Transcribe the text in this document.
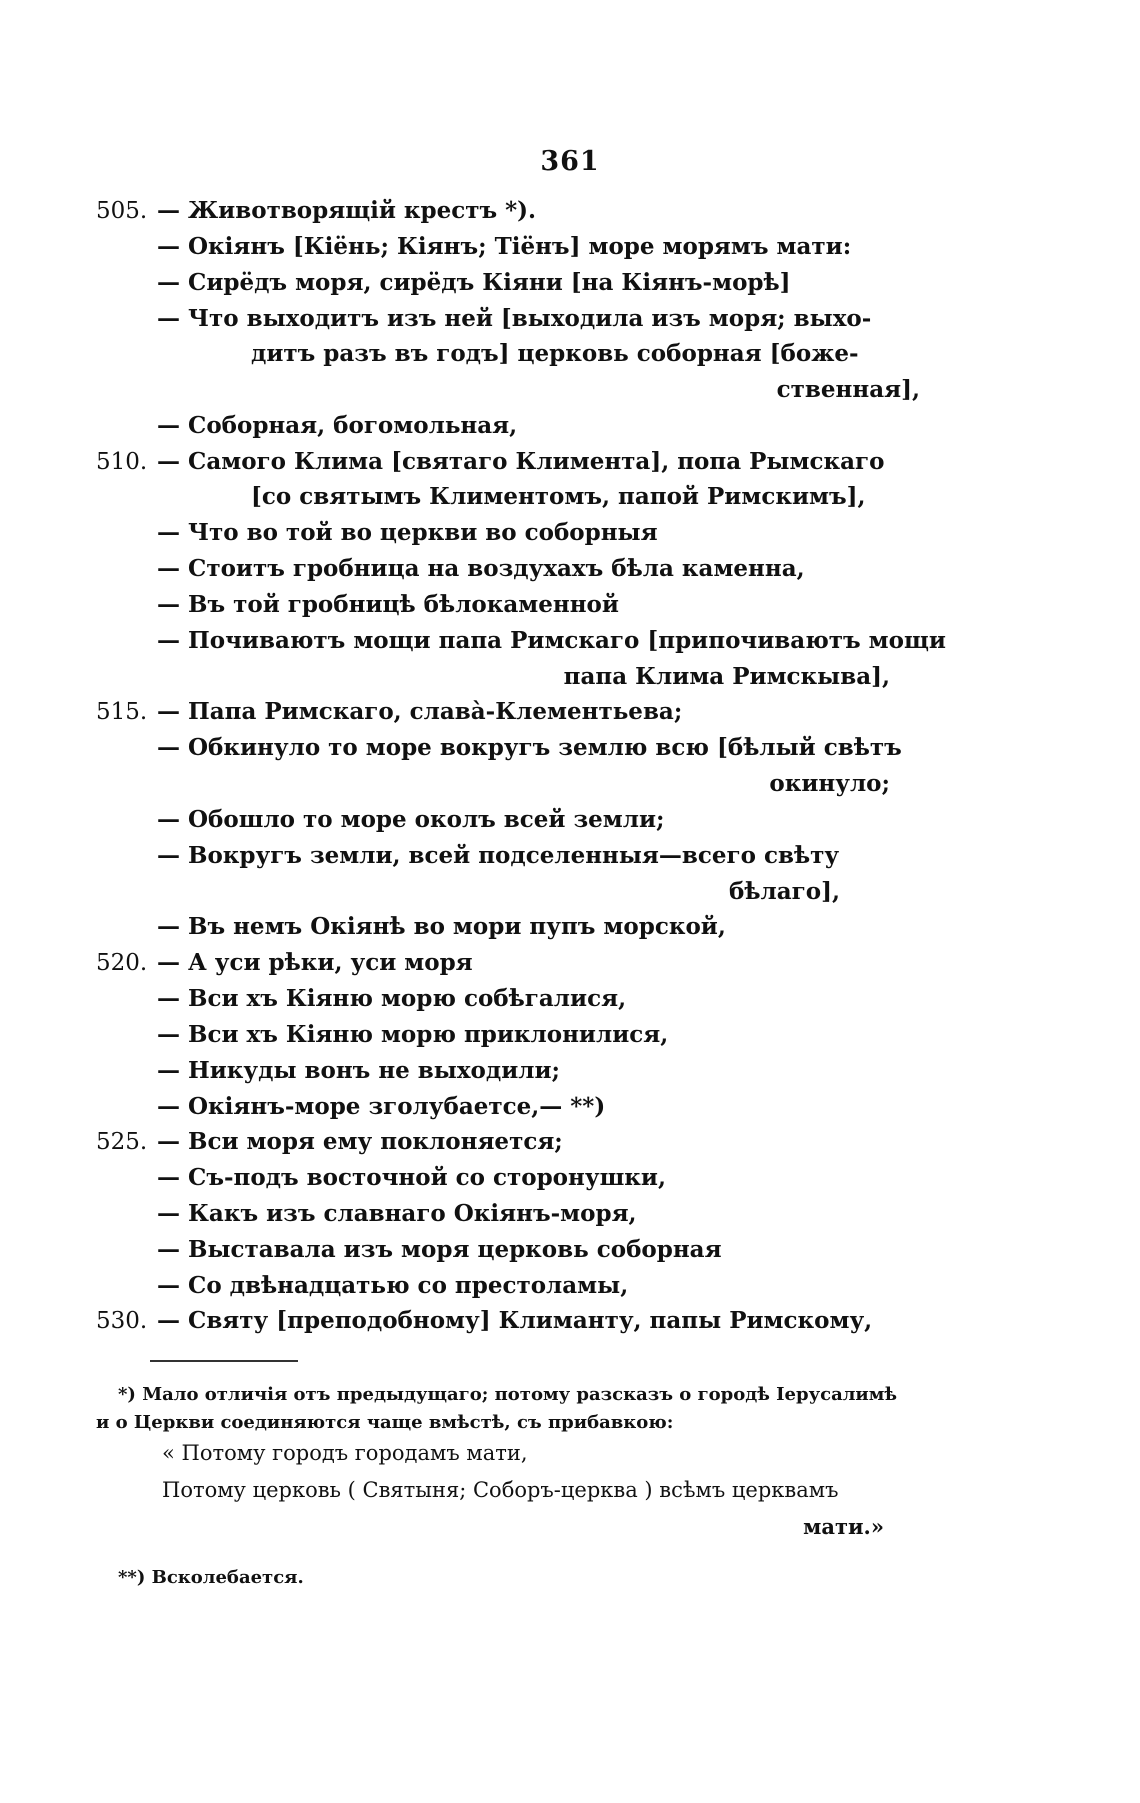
361
505. — Животворящій крестъ *).
— Окіянъ [Кіёнь; Кіянъ; Тіёнъ] море морямъ мати:
— Сирёдъ моря, сирёдъ Кіяни [на Кіянъ-морѣ]
— Что выходитъ изъ ней [выходила изъ моря; выхо-
дитъ разъ въ годъ] церковь соборная [боже-
ственная],
— Соборная, богомольная,
510. — Самого Клима [святаго Климента], попа Рымскаго
[со святымъ Климентомъ, папой Римскимъ],
— Что во той во церкви во соборныя
— Стоитъ гробница на воздухахъ бѣла каменна,
— Въ той гробницѣ бѣлокаменной
— Почиваютъ мощи папа Римскаго [припочиваютъ мощи
папа Клима Римскыва],
515. — Папа Римскаго, славà-Клементьева;
— Обкинуло то море вокругъ землю всю [бѣлый свѣтъ
окинуло;
— Обошло то море околъ всей земли;
— Вокругъ земли, всей подселенныя—всего свѣту
бѣлаго],
— Въ немъ Окіянѣ во мори пупъ морской,
520. — А уси рѣки, уси моря
— Вси хъ Кіяню морю собѣгалися,
— Вси хъ Кіяню морю приклонилися,
— Никуды вонъ не выходили;
— Окіянъ-море зголубаетсе,— **)
525. — Вси моря ему поклоняется;
— Съ-подъ восточной со сторонушки,
— Какъ изъ славнаго Окіянъ-моря,
— Выставала изъ моря церковь соборная
— Со двѣнадцатью со престоламы,
530. — Святу [преподобному] Климанту, папы Римскому,
*) Мало отличія отъ предыдущаго; потому разсказъ о городѣ Іерусалимѣ
и о Церкви соединяются чаще вмѣстѣ, съ прибавкою:
« Потому городъ городамъ мати,
Потому церковь ( Святыня; Соборъ-церква ) всѣмъ церквамъ
мати.»
**) Всколебается.
